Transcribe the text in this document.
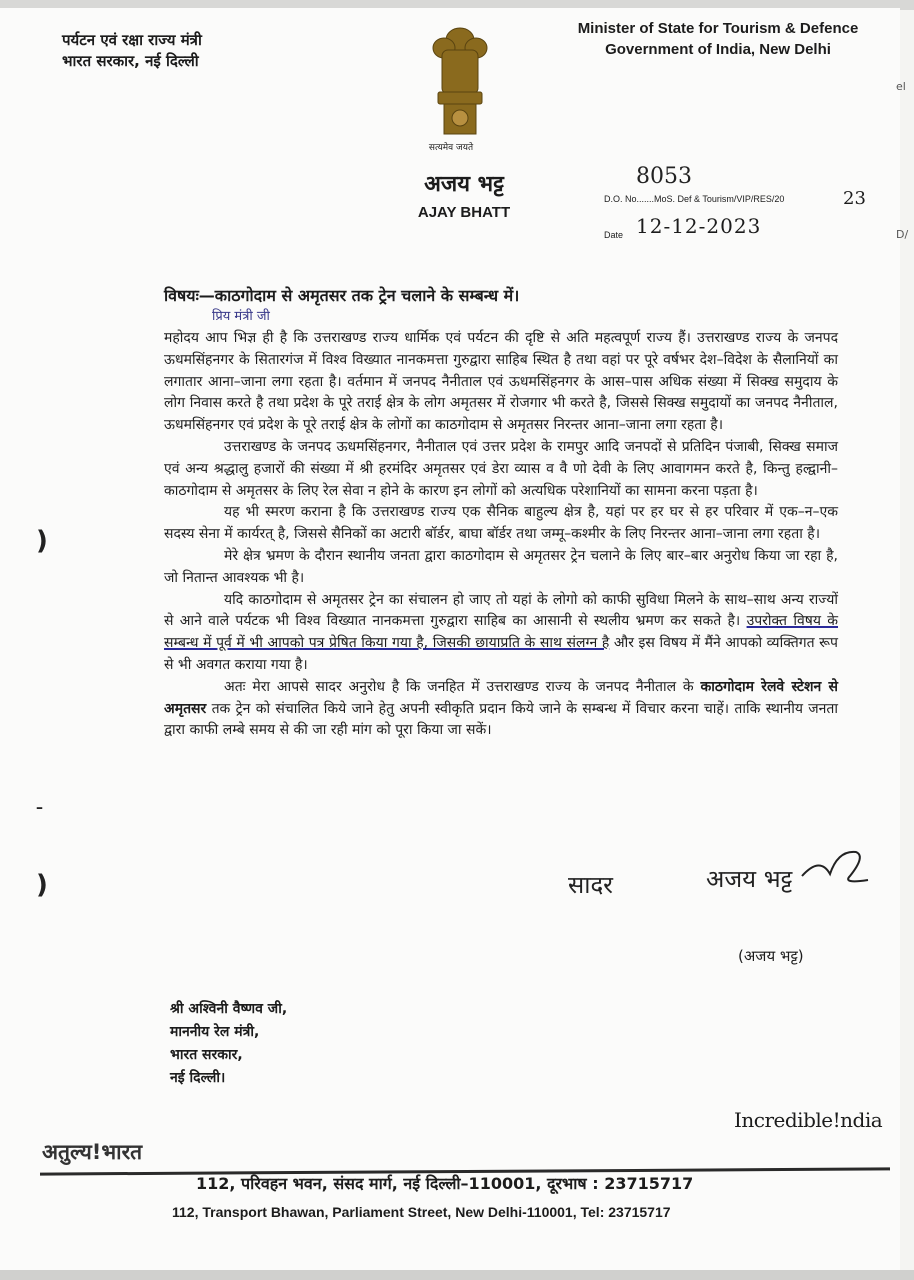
पर्यटन एवं रक्षा राज्य मंत्री
भारत सरकार, नई दिल्ली
Minister of State for Tourism & Defence
Government of India, New Delhi
सत्यमेव जयते
अजय भट्ट
AJAY BHATT
8053
D.O. No.......MoS. Def & Tourism/VIP/RES/20	23
Date 12-12-2023
विषयः—काठगोदाम से अमृतसर तक ट्रेन चलाने के सम्बन्ध में।
प्रिय मंत्री जी

महोदय आप भिज्ञ ही है कि उत्तराखण्ड राज्य धार्मिक एवं पर्यटन की दृष्टि से अति महत्वपूर्ण राज्य हैं। उत्तराखण्ड राज्य के जनपद ऊधमसिंहनगर के सितारगंज में विश्व विख्यात नानकमत्ता गुरुद्वारा साहिब स्थित है तथा वहां पर पूरे वर्षभर देश–विदेश के सैलानियों का लगातार आना–जाना लगा रहता है। वर्तमान में जनपद नैनीताल एवं ऊधमसिंहनगर के आस–पास अधिक संख्या में सिक्ख समुदाय के लोग निवास करते है तथा प्रदेश के पूरे तराई क्षेत्र के लोग अमृतसर में रोजगार भी करते है, जिससे सिक्ख समुदायों का जनपद नैनीताल, ऊधमसिंहनगर एवं प्रदेश के पूरे तराई क्षेत्र के लोगों का काठगोदाम से अमृतसर निरन्तर आना–जाना लगा रहता है।

उत्तराखण्ड के जनपद ऊधमसिंहनगर, नैनीताल एवं उत्तर प्रदेश के रामपुर आदि जनपदों से प्रतिदिन पंजाबी, सिक्ख समाज एवं अन्य श्रद्धालु हजारों की संख्या में श्री हरमंदिर अमृतसर एवं डेरा व्यास व वै णो देवी के लिए आवागमन करते है, किन्तु हल्द्वानी–काठगोदाम से अमृतसर के लिए रेल सेवा न होने के कारण इन लोगों को अत्यधिक परेशानियों का सामना करना पड़ता है।

यह भी स्मरण कराना है कि उत्तराखण्ड राज्य एक सैनिक बाहुल्य क्षेत्र है, यहां पर हर घर से हर परिवार में एक–न–एक सदस्य सेना में कार्यरत् है, जिससे सैनिकों का अटारी बॉर्डर, बाघा बॉर्डर तथा जम्मू–कश्मीर के लिए निरन्तर आना–जाना लगा रहता है।

मेरे क्षेत्र भ्रमण के दौरान स्थानीय जनता द्वारा काठगोदाम से अमृतसर ट्रेन चलाने के लिए बार–बार अनुरोध किया जा रहा है, जो नितान्त आवश्यक भी है।

यदि काठगोदाम से अमृतसर ट्रेन का संचालन हो जाए तो यहां के लोगो को काफी सुविधा मिलने के साथ–साथ अन्य राज्यों से आने वाले पर्यटक भी विश्व विख्यात नानकमत्ता गुरुद्वारा साहिब का आसानी से स्थलीय भ्रमण कर सकते है। उपरोक्त विषय के सम्बन्ध में पूर्व में भी आपको पत्र प्रेषित किया गया है, जिसकी छायाप्रति के साथ संलग्न है और इस विषय में मैंने आपको व्यक्तिगत रूप से भी अवगत कराया गया है।

अतः मेरा आपसे सादर अनुरोध है कि जनहित में उत्तराखण्ड राज्य के जनपद नैनीताल के काठगोदाम रेलवे स्टेशन से अमृतसर तक ट्रेन को संचालित किये जाने हेतु अपनी स्वीकृति प्रदान किये जाने के सम्बन्ध में विचार करना चाहें। ताकि स्थानीय जनता द्वारा काफी लम्बे समय से की जा रही मांग को पूरा किया जा सकें।

सादर	अजय भट्ट
(अजय भट्ट)
श्री अश्विनी वैष्णव जी,
माननीय रेल मंत्री,
भारत सरकार,
नई दिल्ली।
Incredible!ndia
अतुल्य!भारत
112, परिवहन भवन, संसद मार्ग, नई दिल्ली–110001, दूरभाष : 23715717
112, Transport Bhawan, Parliament Street, New Delhi-110001, Tel: 23715717
)
)
–
el
D/
